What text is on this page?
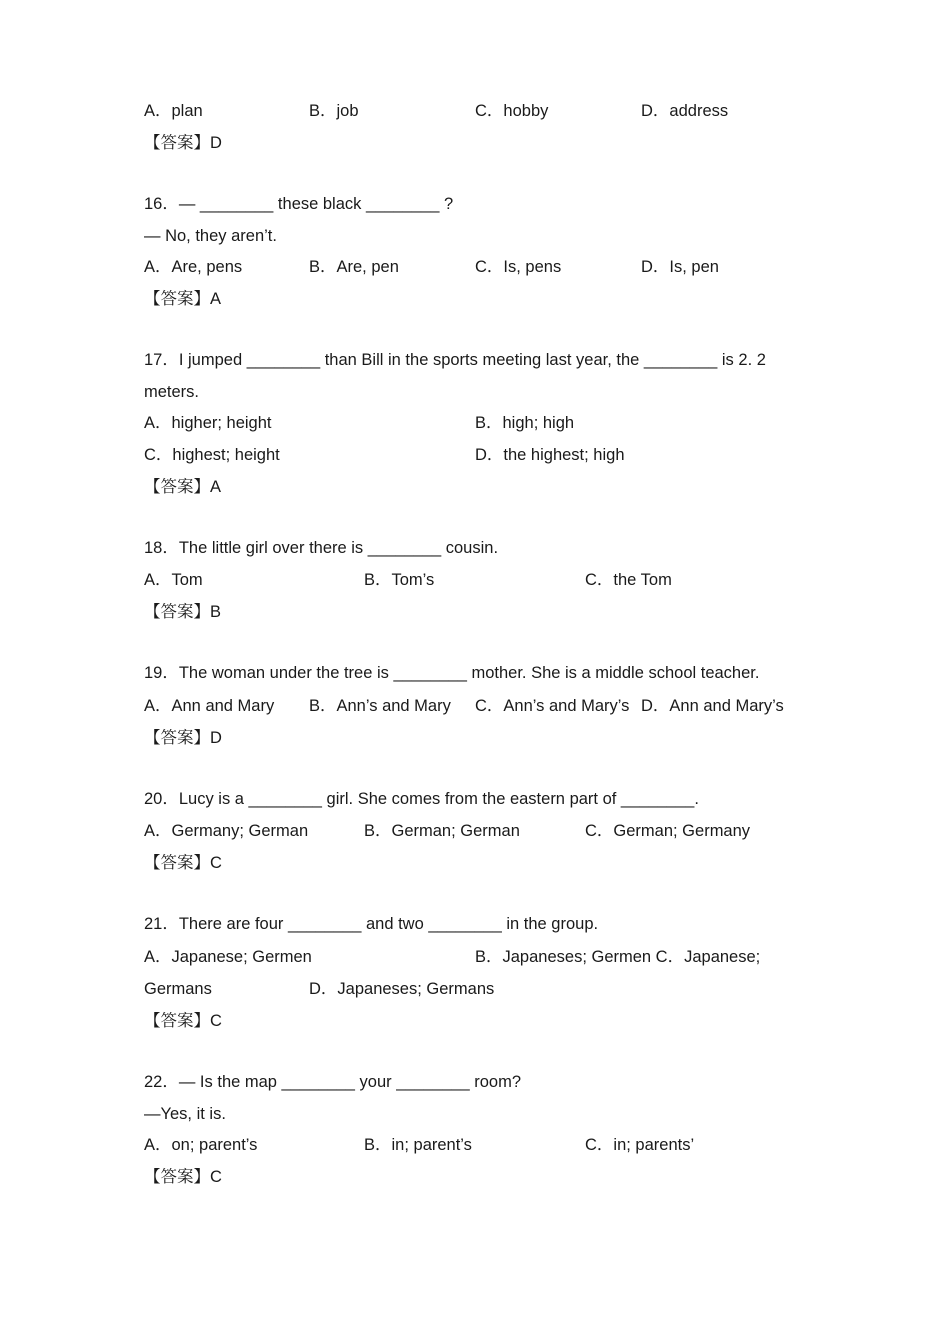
A．plan	B．job	C．hobby	D．address
【答案】D
16．— ________ these black ________ ?
— No, they aren’t.
A．Are, pens	B．Are, pen	C．Is, pens	D．Is, pen
【答案】A
17．I jumped ________ than Bill in the sports meeting last year, the ________ is 2. 2
meters.
A．higher; height	B．high; high
C．highest; height	D．the highest; high
【答案】A
18．The little girl over there is ________ cousin.
A．Tom	B．Tom’s	C．the Tom
【答案】B
19．The woman under the tree is ________ mother. She is a middle school teacher.
A．Ann and Mary B．Ann’s and Mary C．Ann’s and Mary’s D．Ann and Mary’s
【答案】D
20．Lucy is a ________ girl. She comes from the eastern part of ________.
A．Germany; German	B．German; German	C．German; Germany
【答案】C
21．There are four ________ and two ________ in the group.
A．Japanese; Germen	B．Japaneses; Germen C．Japanese;
Germans	D．Japaneses; Germans
【答案】C
22．— Is the map ________ your ________ room?
—Yes, it is.
A．on; parent’s	B．in; parent’s	C．in; parents’
【答案】C
